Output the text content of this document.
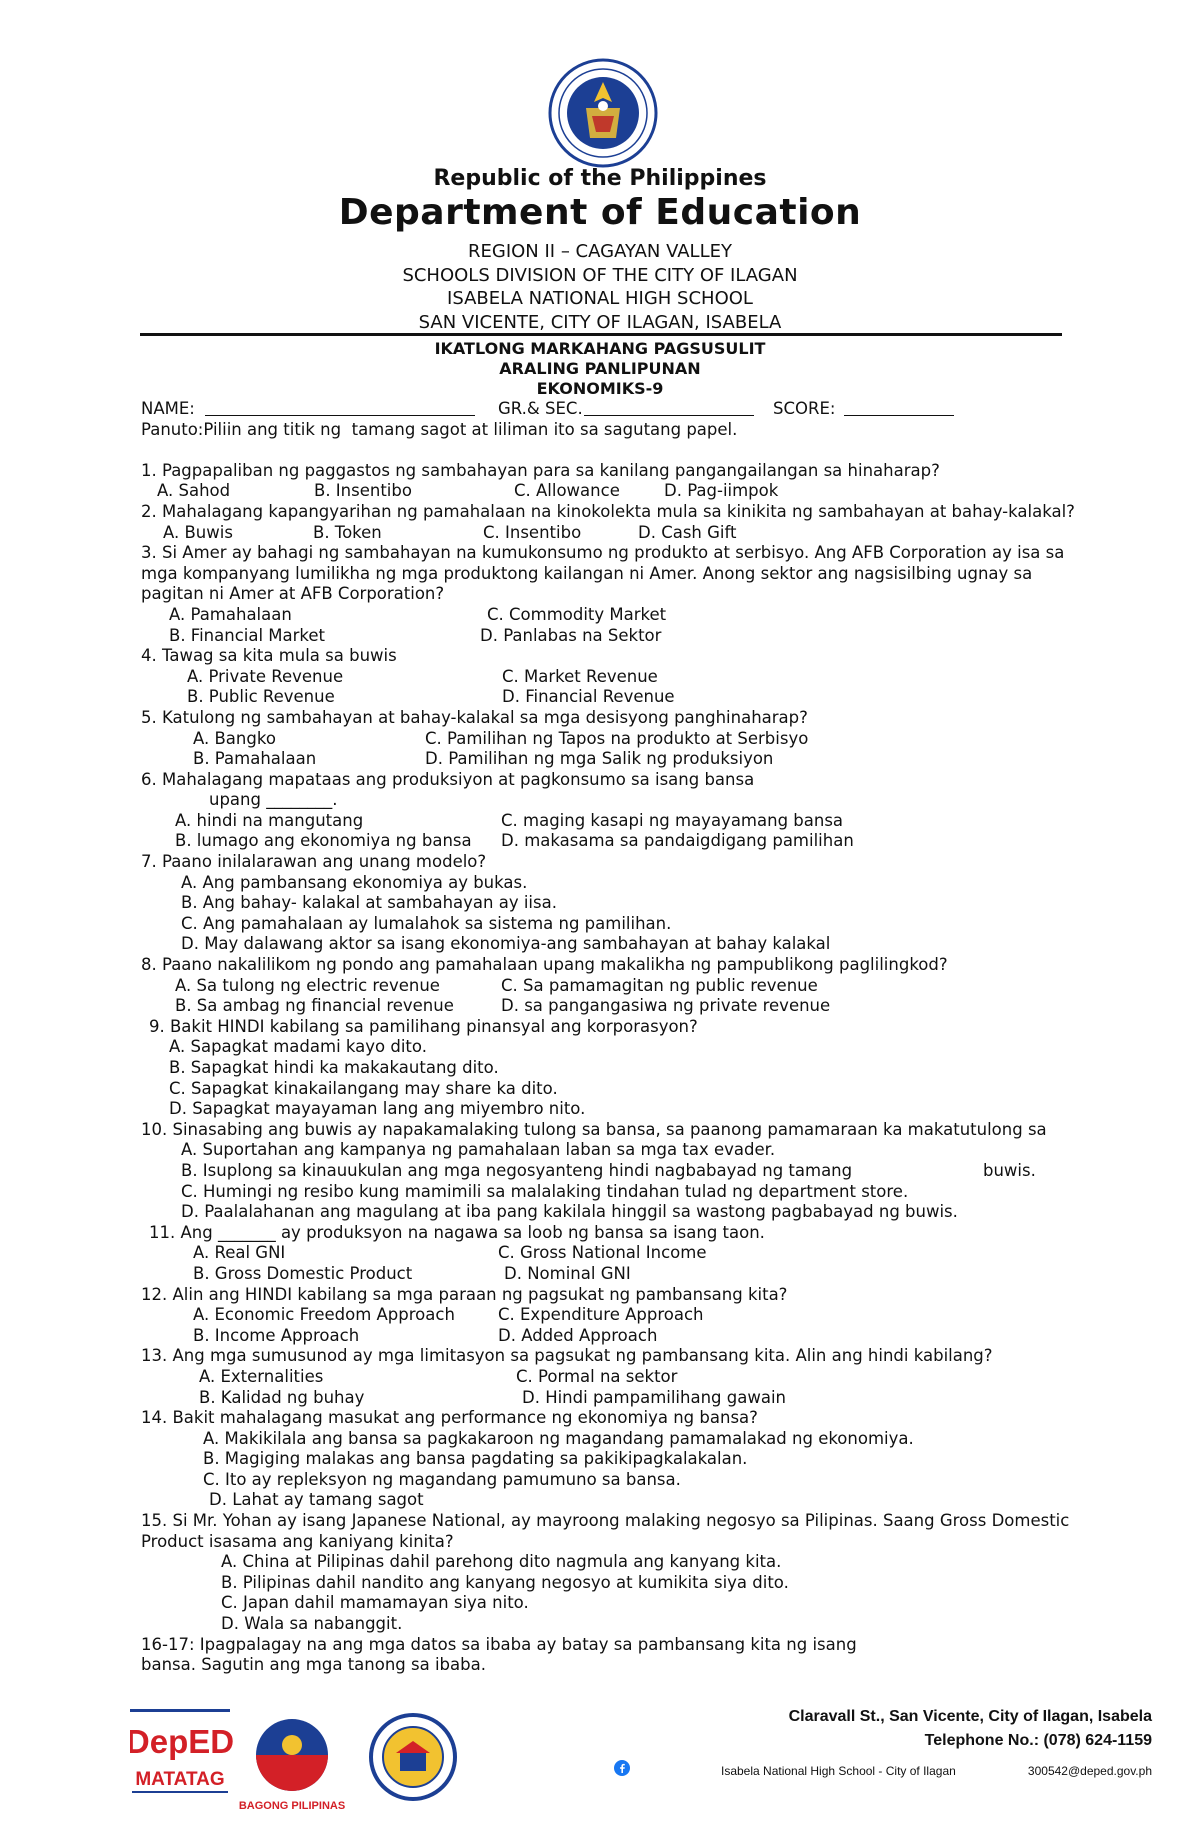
Republic of the Philippines
Department of Education
REGION II – CAGAYAN VALLEY
SCHOOLS DIVISION OF THE CITY OF ILAGAN
ISABELA NATIONAL HIGH SCHOOL
SAN VICENTE, CITY OF ILAGAN, ISABELA
IKATLONG MARKAHANG PAGSUSULIT
ARALING PANLIPUNAN
EKONOMIKS-9
NAME:	GR.& SEC.	SCORE:
Panuto:Piliin ang titik ng  tamang sagot at liliman ito sa sagutang papel.
1. Pagpapaliban ng paggastos ng sambahayan para sa kanilang pangangailangan sa hinaharap?
A. Sahod	B. Insentibo	C. Allowance	D. Pag-iimpok
2. Mahalagang kapangyarihan ng pamahalaan na kinokolekta mula sa kinikita ng sambahayan at bahay-kalakal?
A. Buwis	B. Token	C. Insentibo	D. Cash Gift
3. Si Amer ay bahagi ng sambahayan na kumukonsumo ng produkto at serbisyo. Ang AFB Corporation ay isa sa
mga kompanyang lumilikha ng mga produktong kailangan ni Amer. Anong sektor ang nagsisilbing ugnay sa
pagitan ni Amer at AFB Corporation?
A. Pamahalaan	C. Commodity Market
B. Financial Market	D. Panlabas na Sektor
4. Tawag sa kita mula sa buwis
A. Private Revenue	C. Market Revenue
B. Public Revenue	D. Financial Revenue
5. Katulong ng sambahayan at bahay-kalakal sa mga desisyong panghinaharap?
A. Bangko	C. Pamilihan ng Tapos na produkto at Serbisyo
B. Pamahalaan	D. Pamilihan ng mga Salik ng produksiyon
6. Mahalagang mapataas ang produksiyon at pagkonsumo sa isang bansa
upang ________.
A. hindi na mangutang	C. maging kasapi ng mayayamang bansa
B. lumago ang ekonomiya ng bansa D. makasama sa pandaigdigang pamilihan
7. Paano inilalarawan ang unang modelo?
A. Ang pambansang ekonomiya ay bukas.
B. Ang bahay- kalakal at sambahayan ay iisa.
C. Ang pamahalaan ay lumalahok sa sistema ng pamilihan.
D. May dalawang aktor sa isang ekonomiya-ang sambahayan at bahay kalakal
8. Paano nakalilikom ng pondo ang pamahalaan upang makalikha ng pampublikong paglilingkod?
A. Sa tulong ng electric revenue	C. Sa pamamagitan ng public revenue
B. Sa ambag ng financial revenue	D. sa pangangasiwa ng private revenue
9. Bakit HINDI kabilang sa pamilihang pinansyal ang korporasyon?
A. Sapagkat madami kayo dito.
B. Sapagkat hindi ka makakautang dito.
C. Sapagkat kinakailangang may share ka dito.
D. Sapagkat mayayaman lang ang miyembro nito.
10. Sinasabing ang buwis ay napakamalaking tulong sa bansa, sa paanong pamamaraan ka makatutulong sa
A. Suportahan ang kampanya ng pamahalaan laban sa mga tax evader.
B. Isuplong sa kinauukulan ang mga negosyanteng hindi nagbabayad ng tamang	buwis.
C. Humingi ng resibo kung mamimili sa malalaking tindahan tulad ng department store.
D. Paalalahanan ang magulang at iba pang kakilala hinggil sa wastong pagbabayad ng buwis.
11. Ang _______ ay produksyon na nagawa sa loob ng bansa sa isang taon.
A. Real GNI	C. Gross National Income
B. Gross Domestic Product	D. Nominal GNI
12. Alin ang HINDI kabilang sa mga paraan ng pagsukat ng pambansang kita?
A. Economic Freedom Approach	C. Expenditure Approach
B. Income Approach	D. Added Approach
13. Ang mga sumusunod ay mga limitasyon sa pagsukat ng pambansang kita. Alin ang hindi kabilang?
A. Externalities	C. Pormal na sektor
B. Kalidad ng buhay	D. Hindi pampamilihang gawain
14. Bakit mahalagang masukat ang performance ng ekonomiya ng bansa?
A. Makikilala ang bansa sa pagkakaroon ng magandang pamamalakad ng ekonomiya.
B. Magiging malakas ang bansa pagdating sa pakikipagkalakalan.
C. Ito ay repleksyon ng magandang pamumuno sa bansa.
D. Lahat ay tamang sagot
15. Si Mr. Yohan ay isang Japanese National, ay mayroong malaking negosyo sa Pilipinas. Saang Gross Domestic
Product isasama ang kaniyang kinita?
A. China at Pilipinas dahil parehong dito nagmula ang kanyang kita.
B. Pilipinas dahil nandito ang kanyang negosyo at kumikita siya dito.
C. Japan dahil mamamayan siya nito.
D. Wala sa nabanggit.
16-17: Ipagpalagay na ang mga datos sa ibaba ay batay sa pambansang kita ng isang
bansa. Sagutin ang mga tanong sa ibaba.
DepED
MATATAG
BAGONG PILIPINAS
Claravall St., San Vicente, City of Ilagan, Isabela
Telephone No.: (078) 624-1159
Isabela National High School - City of Ilagan	300542@deped.gov.ph
